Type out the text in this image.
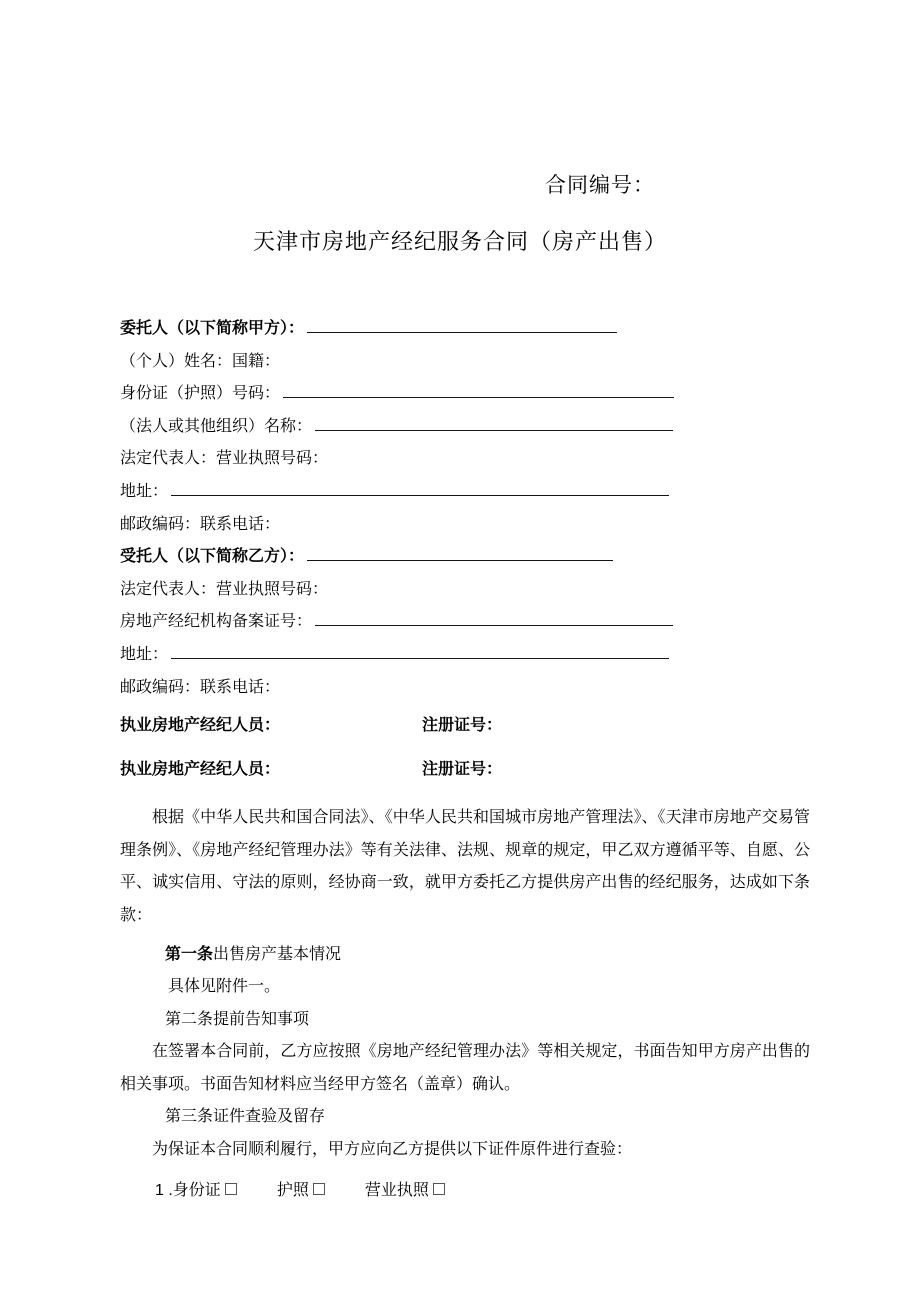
合同编号：
天津市房地产经纪服务合同（房产出售）
委托人（以下简称甲方）：
（个人）姓名：国籍：
身份证（护照）号码：
（法人或其他组织）名称：
法定代表人：营业执照号码：
地址：
邮政编码：联系电话：
受托人（以下简称乙方）：
法定代表人：营业执照号码：
房地产经纪机构备案证号：
地址：
邮政编码：联系电话：
执业房地产经纪人员：	注册证号：
执业房地产经纪人员：	注册证号：

根据《中华人民共和国合同法》、《中华人民共和国城市房地产管理法》、《天津市房地产交易管理条例》、《房地产经纪管理办法》等有关法律、法规、规章的规定，甲乙双方遵循平等、自愿、公平、诚实信用、守法的原则，经协商一致，就甲方委托乙方提供房产出售的经纪服务，达成如下条款：

第一条出售房产基本情况
具体见附件一。
第二条提前告知事项

在签署本合同前，乙方应按照《房地产经纪管理办法》等相关规定，书面告知甲方房产出售的相关事项。书面告知材料应当经甲方签名（盖章）确认。

第三条证件查验及留存

为保证本合同顺利履行，甲方应向乙方提供以下证件原件进行查验：

1 .身份证	护照	营业执照
